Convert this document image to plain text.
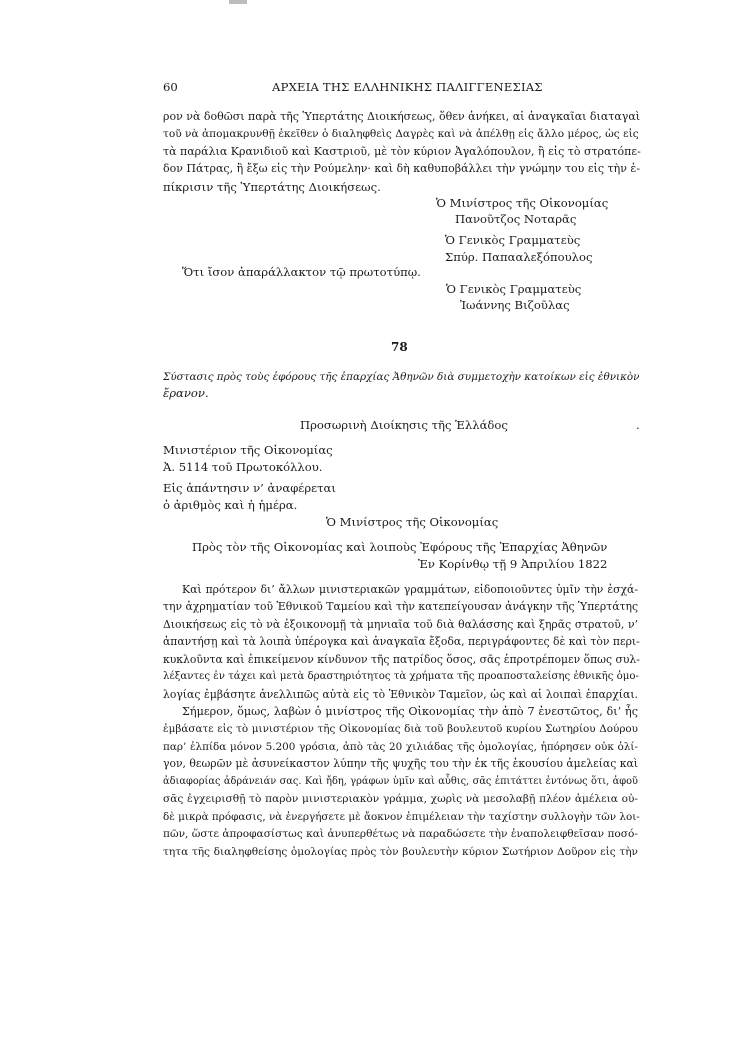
60	ΑΡΧΕΙΑ ΤΗΣ ΕΛΛΗΝΙΚΗΣ ΠΑΛΙΓΓΕΝΕΣΙΑΣ
ρον νὰ δοθῶσι παρὰ τῆς Ὑπερτάτης Διοικήσεως, ὅθεν ἀνήκει, αἱ ἀναγκαῖαι διαταγαὶ
τοῦ νὰ ἀπομακρυνθῇ ἐκεῖθεν ὁ διαληφθεὶς Δαγρὲς καὶ νὰ ἀπέλθῃ εἰς ἄλλο μέρος, ὡς εἰς
τὰ παράλια Κρανιδιοῦ καὶ Καστριοῦ, μὲ τὸν κύριον Ἀγαλόπουλον, ἢ εἰς τὸ στρατόπε-
δον Πάτρας, ἢ ἔξω εἰς τὴν Ρούμελην· καὶ δὴ καθυποβάλλει τὴν γνώμην του εἰς τὴν ἐ-
πίκρισιν τῆς Ὑπερτάτης Διοικήσεως.
Ὁ Μινίστρος τῆς Οἰκονομίας
Πανοῦτζος Νοταρᾶς
Ὁ Γενικὸς Γραμματεὺς
Σπύρ. Παπααλεξόπουλος
Ὅτι ἴσον ἀπαράλλακτον τῷ πρωτοτύπῳ.
Ὁ Γενικὸς Γραμματεὺς
Ἰωάννης Βιζοῦλας
78
Σύστασις πρὸς τοὺς ἐφόρους τῆς ἐπαρχίας Ἀθηνῶν διὰ συμμετοχὴν κατοίκων εἰς ἐθνικὸν
ἔρανον.
Προσωρινὴ Διοίκησις τῆς Ἑλλάδος	.
Μινιστέριον τῆς Οἰκονομίας
Ἀ. 5114 τοῦ Πρωτοκόλλου.
Εἰς ἀπάντησιν ν’ ἀναφέρεται
ὁ ἀριθμὸς καὶ ἡ ἡμέρα.
Ὁ Μινίστρος τῆς Οἰκονομίας
Πρὸς τὸν τῆς Οἰκονομίας καὶ λοιποὺς Ἐφόρους τῆς Ἐπαρχίας Ἀθηνῶν
Ἐν Κορίνθῳ τῇ 9 Ἀπριλίου 1822
Καὶ πρότερον δι’ ἄλλων μινιστεριακῶν γραμμάτων, εἰδοποιοῦντες ὑμῖν τὴν ἐσχά-
την ἀχρηματίαν τοῦ Ἐθνικοῦ Ταμείου καὶ τὴν κατεπείγουσαν ἀνάγκην τῆς Ὑπερτάτης
Διοικήσεως εἰς τὸ νὰ ἐξοικονομῇ τὰ μηνιαῖα τοῦ διὰ θαλάσσης καὶ ξηρᾶς στρατοῦ, ν’
ἀπαντήσῃ καὶ τὰ λοιπὰ ὑπέρογκα καὶ ἀναγκαῖα ἔξοδα, περιγράφοντες δὲ καὶ τὸν περι-
κυκλοῦντα καὶ ἐπικείμενον κίνδυνον τῆς πατρίδος ὅσος, σᾶς ἐπροτρέπομεν ὅπως συλ-
λέξαντες ἐν τάχει καὶ μετὰ δραστηριότητος τὰ χρήματα τῆς προαποσταλείσης ἐθνικῆς ὁμο-
λογίας ἐμβάσητε ἀνελλιπῶς αὐτὰ εἰς τὸ Ἐθνικὸν Ταμεῖον, ὡς καὶ αἱ λοιπαὶ ἐπαρχίαι.
Σήμερον, ὅμως, λαβὼν ὁ μινίστρος τῆς Οἰκονομίας τὴν ἀπὸ 7 ἐνεστῶτος, δι’ ἧς
ἐμβάσατε εἰς τὸ μινιστέριον τῆς Οἰκονομίας διὰ τοῦ βουλευτοῦ κυρίου Σωτηρίου Δούρου
παρ’ ἐλπίδα μόνον 5.200 γρόσια, ἀπὸ τὰς 20 χιλιάδας τῆς ὁμολογίας, ἠπόρησεν οὐκ ὀλί-
γον, θεωρῶν μὲ ἀσυνείκαστον λύπην τῆς ψυχῆς του τὴν ἐκ τῆς ἑκουσίου ἀμελείας καὶ
ἀδιαφορίας ἀδράνειάν σας. Καὶ ἤδη, γράφων ὑμῖν καὶ αὖθις, σᾶς ἐπιτάττει ἐντόνως ὅτι, ἀφοῦ
σᾶς ἐγχειρισθῇ τὸ παρὸν μινιστεριακὸν γράμμα, χωρὶς νὰ μεσολαβῇ πλέον ἀμέλεια οὐ-
δὲ μικρὰ πρόφασις, νὰ ἐνεργήσετε μὲ ἄοκνον ἐπιμέλειαν τὴν ταχίστην συλλογὴν τῶν λοι-
πῶν, ὥστε ἀπροφασίστως καὶ ἀνυπερθέτως νὰ παραδώσετε τὴν ἐναπολειφθεῖσαν ποσό-
τητα τῆς διαληφθείσης ὁμολογίας πρὸς τὸν βουλευτὴν κύριον Σωτήριον Δοῦρον εἰς τὴν
